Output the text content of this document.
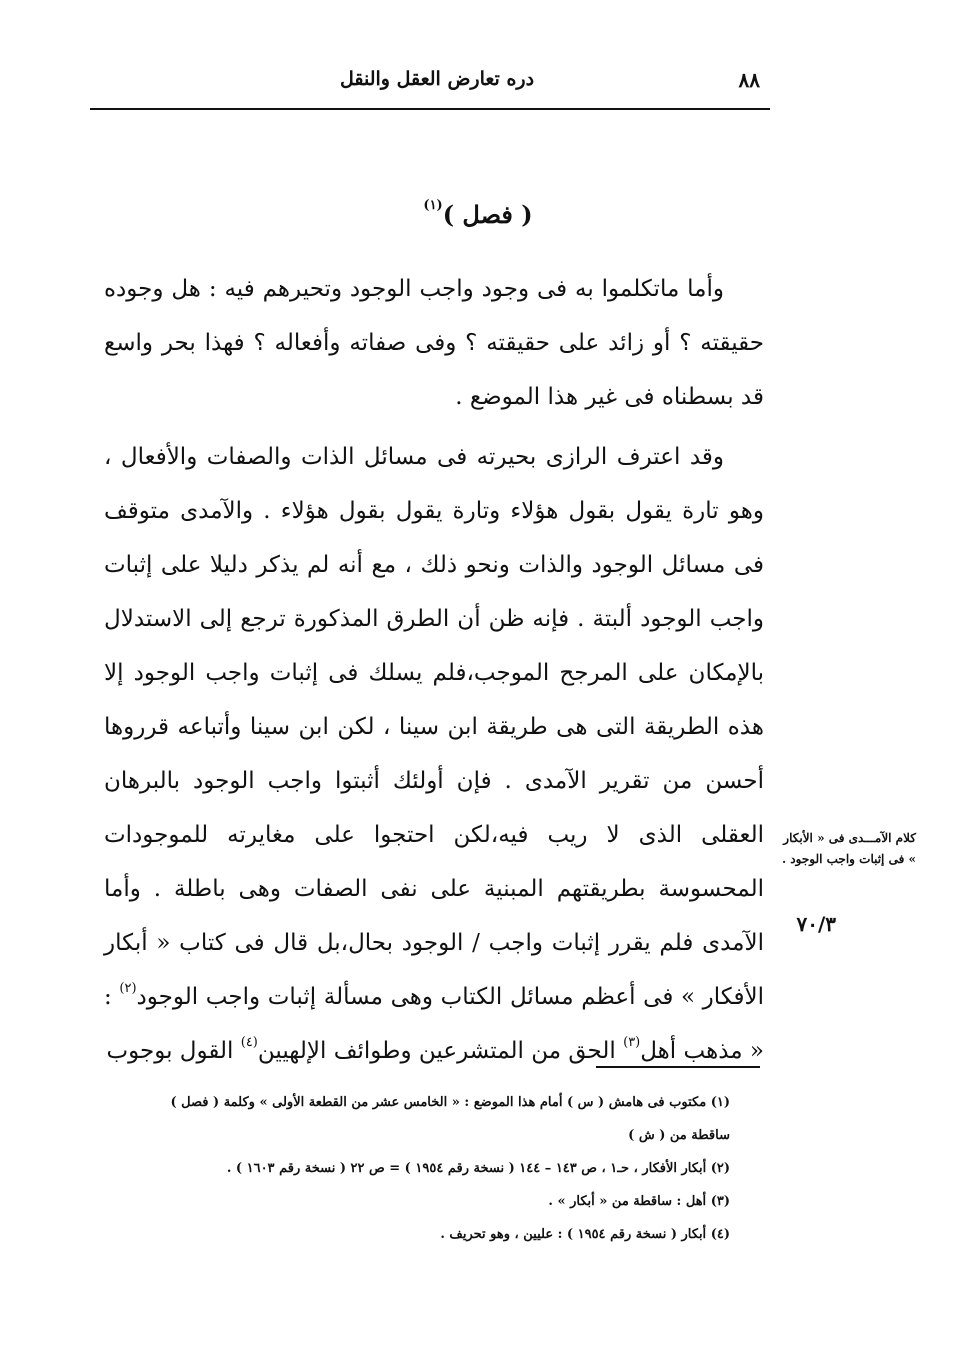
٨٨
دره تعارض العقل والنقل
( فصل )$^{(١)}$

وأما ماتكلموا به فى وجود واجب الوجود وتحيرهم فيه : هل وجوده حقيقته ؟ أو زائد على حقيقته ؟ وفى صفاته وأفعاله ؟ فهذا بحر واسع قد بسطناه فى غير هذا الموضع .

وقد اعترف الرازى بحيرته فى مسائل الذات والصفات والأفعال ، وهو تارة يقول بقول هؤلاء وتارة يقول بقول هؤلاء . والآمدى متوقف فى مسائل الوجود والذات ونحو ذلك ، مع أنه لم يذكر دليلا على إثبات واجب الوجود ألبتة . فإنه ظن أن الطرق المذكورة ترجع إلى الاستدلال بالإمكان على المرجح الموجب،فلم يسلك فى إثبات واجب الوجود إلا هذه الطريقة التى هى طريقة ابن سينا ، لكن ابن سينا وأتباعه قرروها أحسن من تقرير الآمدى . فإن أولئك أثبتوا واجب الوجود بالبرهان العقلى الذى لا ريب فيه،لكن احتجوا على مغايرته للموجودات المحسوسة بطريقتهم المبنية على نفى الصفات وهى باطلة . وأما الآمدى فلم يقرر إثبات واجب / الوجود بحال،بل قال فى كتاب « أبكار الأفكار » فى أعظم مسائل الكتاب وهى مسألة إثبات واجب الوجود$^{(٢)}$ : « مذهب أهل$^{(٣)}$ الحق من المتشرعين وطوائف الإلهيين$^{(٤)}$ القول بوجوب

كلام الآمـــدى فى « الأبكار » فى إثبات واجب الوجود .
٧٠/٣

(١) مكتوب فى هامش ( س ) أمام هذا الموضع : « الخامس عشر من القطعة الأولى » وكلمة ( فصل )

ساقطة من ( ش )

(٢) أبكار الأفكار ، حـ١ ، ص ١٤٣ – ١٤٤ ( نسخة رقم ١٩٥٤ ) = ص ٢٢ ( نسخة رقم ١٦٠٣ ) .

(٣) أهل : ساقطة من « أبكار » .

(٤) أبكار ( نسخة رقم ١٩٥٤ ) : عليين ، وهو تحريف .
